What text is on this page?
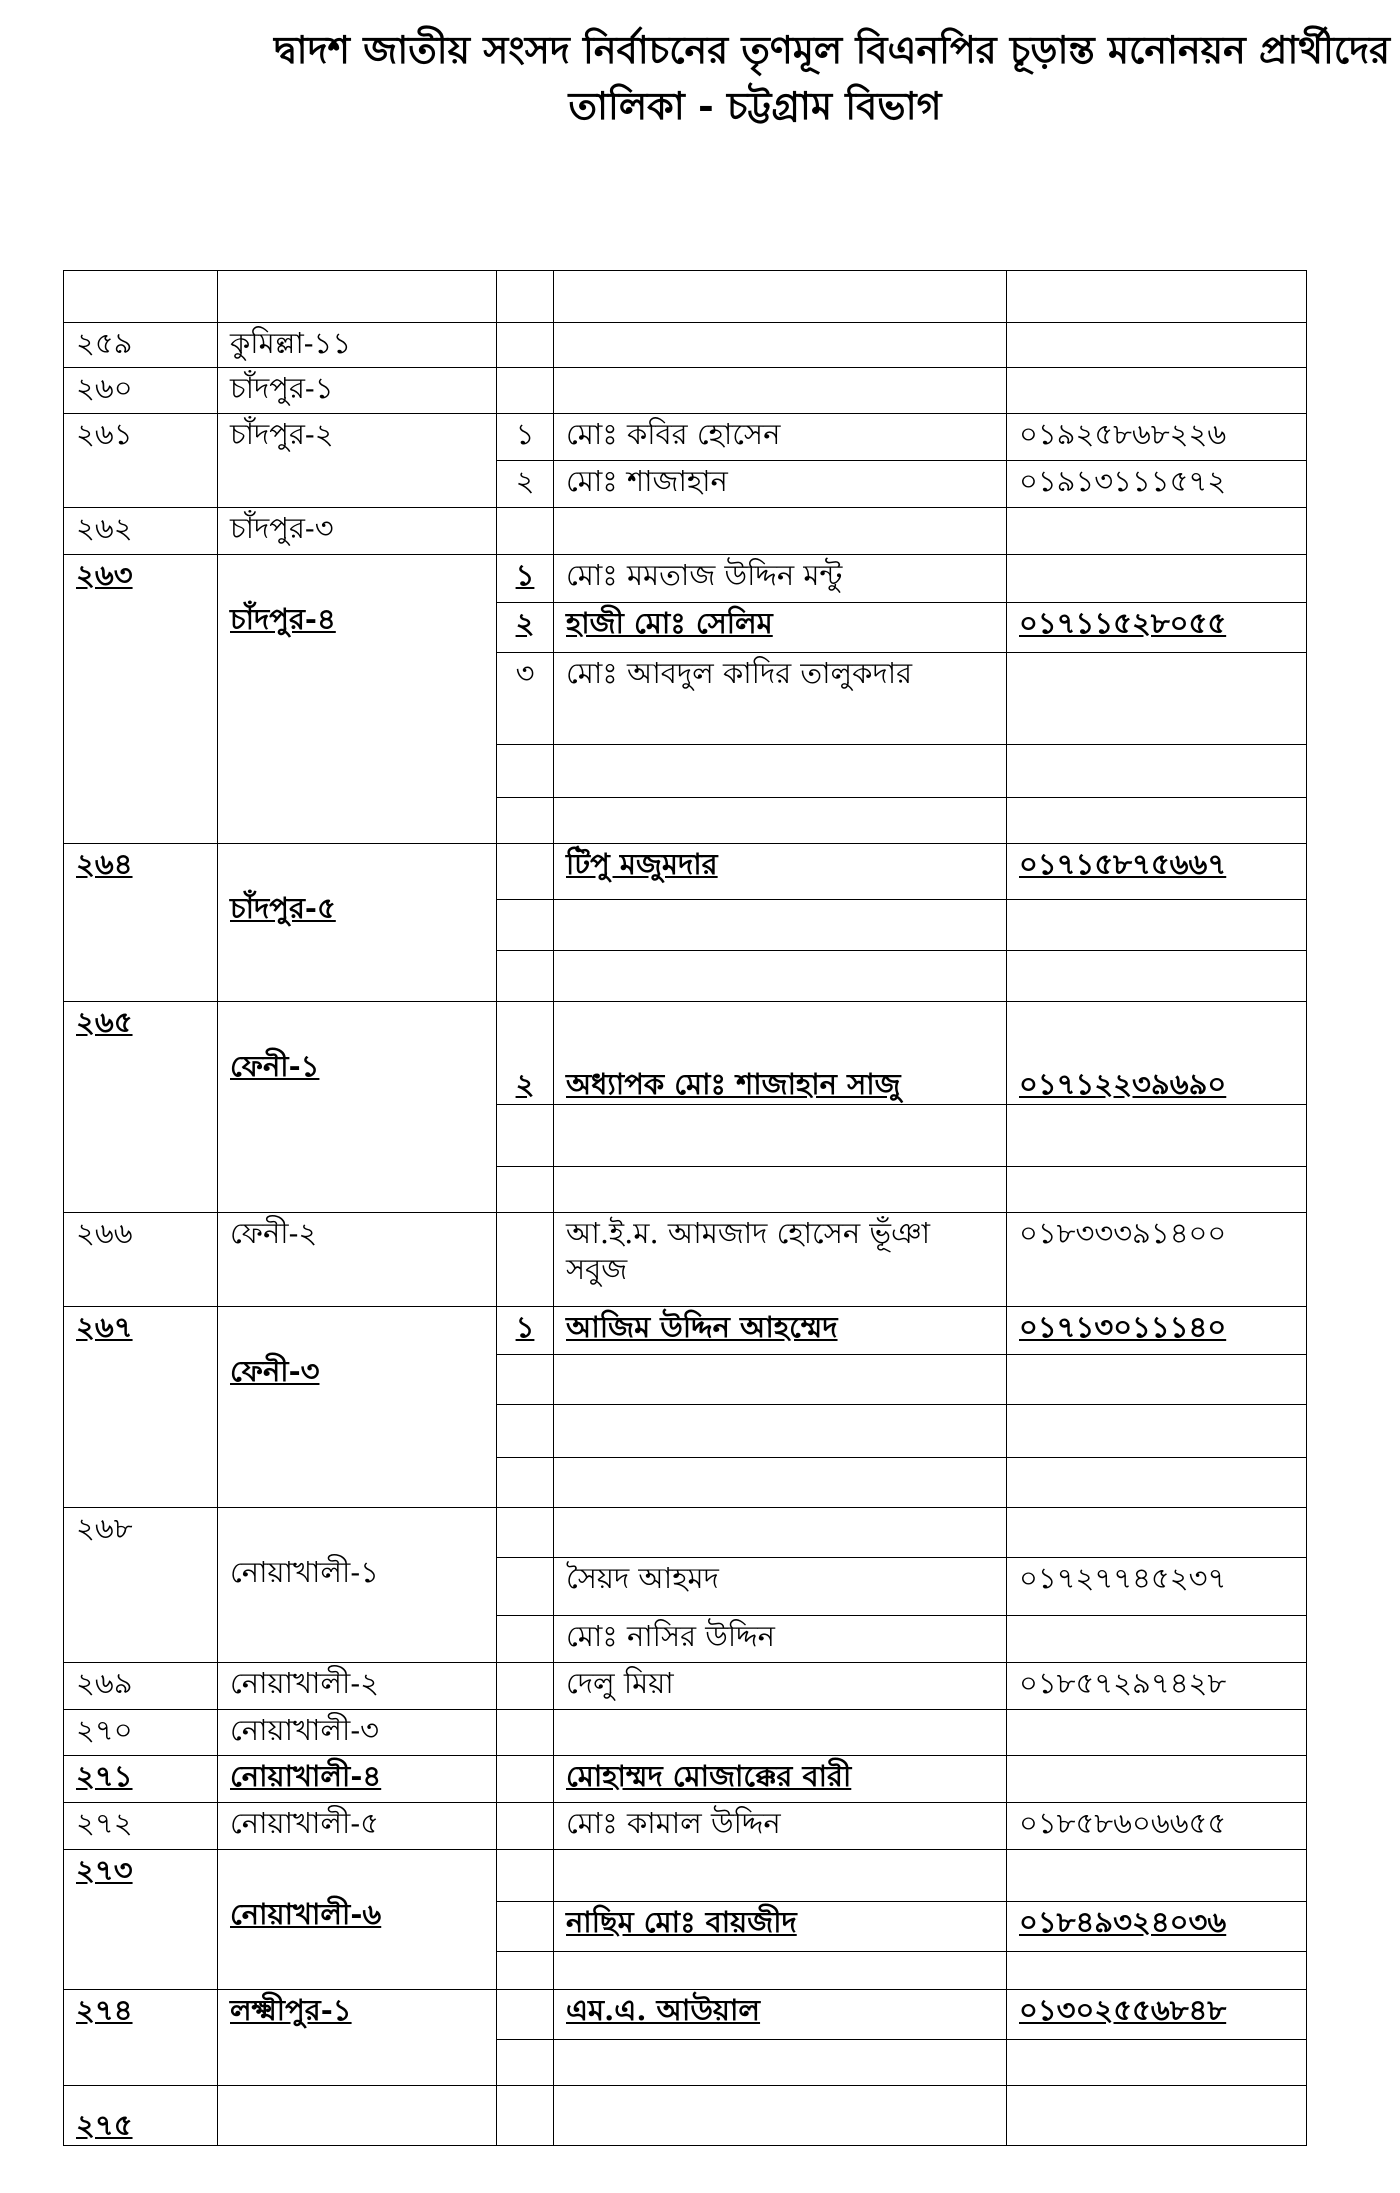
দ্বাদশ জাতীয় সংসদ নির্বাচনের তৃণমূল বিএনপির চূড়ান্ত মনোনয়ন প্রার্থীদের
তালিকা - চট্টগ্রাম বিভাগ

২৫৯	কুমিল্লা-১১			
২৬০	চাঁদপুর-১			
২৬১	চাঁদপুর-২	১	মোঃ কবির হোসেন	০১৯২৫৮৬৮২২৬
		২	মোঃ শাজাহান	০১৯১৩১১১৫৭২
২৬২	চাঁদপুর-৩			
২৬৩	চাঁদপুর-৪	১	মোঃ মমতাজ উদ্দিন মন্টু	
		২	হাজী মোঃ সেলিম	০১৭১১৫২৮০৫৫
		৩	মোঃ আবদুল কাদির তালুকদার	

২৬৪	চাঁদপুর-৫		টিপু মজুমদার	০১৭১৫৮৭৫৬৬৭

২৬৫	ফেনী-১	২	অধ্যাপক মোঃ শাজাহান সাজু	০১৭১২২৩৯৬৯০

২৬৬	ফেনী-২		আ.ই.ম. আমজাদ হোসেন ভূঁঞা সবুজ	০১৮৩৩৩৯১৪০০
২৬৭	ফেনী-৩	১	আজিম উদ্দিন আহম্মেদ	০১৭১৩০১১১৪০

২৬৮	নোয়াখালী-১			
			সৈয়দ আহমদ	০১৭২৭৭৪৫২৩৭
			মোঃ নাসির উদ্দিন	
২৬৯	নোয়াখালী-২		দেলু মিয়া	০১৮৫৭২৯৭৪২৮
২৭০	নোয়াখালী-৩			
২৭১	নোয়াখালী-৪		মোহাম্মদ মোজাক্কের বারী	
২৭২	নোয়াখালী-৫		মোঃ কামাল উদ্দিন	০১৮৫৮৬০৬৬৫৫
২৭৩	নোয়াখালী-৬			
			নাছিম মোঃ বায়জীদ	০১৮৪৯৩২৪০৩৬

২৭৪	লক্ষ্মীপুর-১		এম.এ. আউয়াল	০১৩০২৫৫৬৮৪৮

২৭৫				
